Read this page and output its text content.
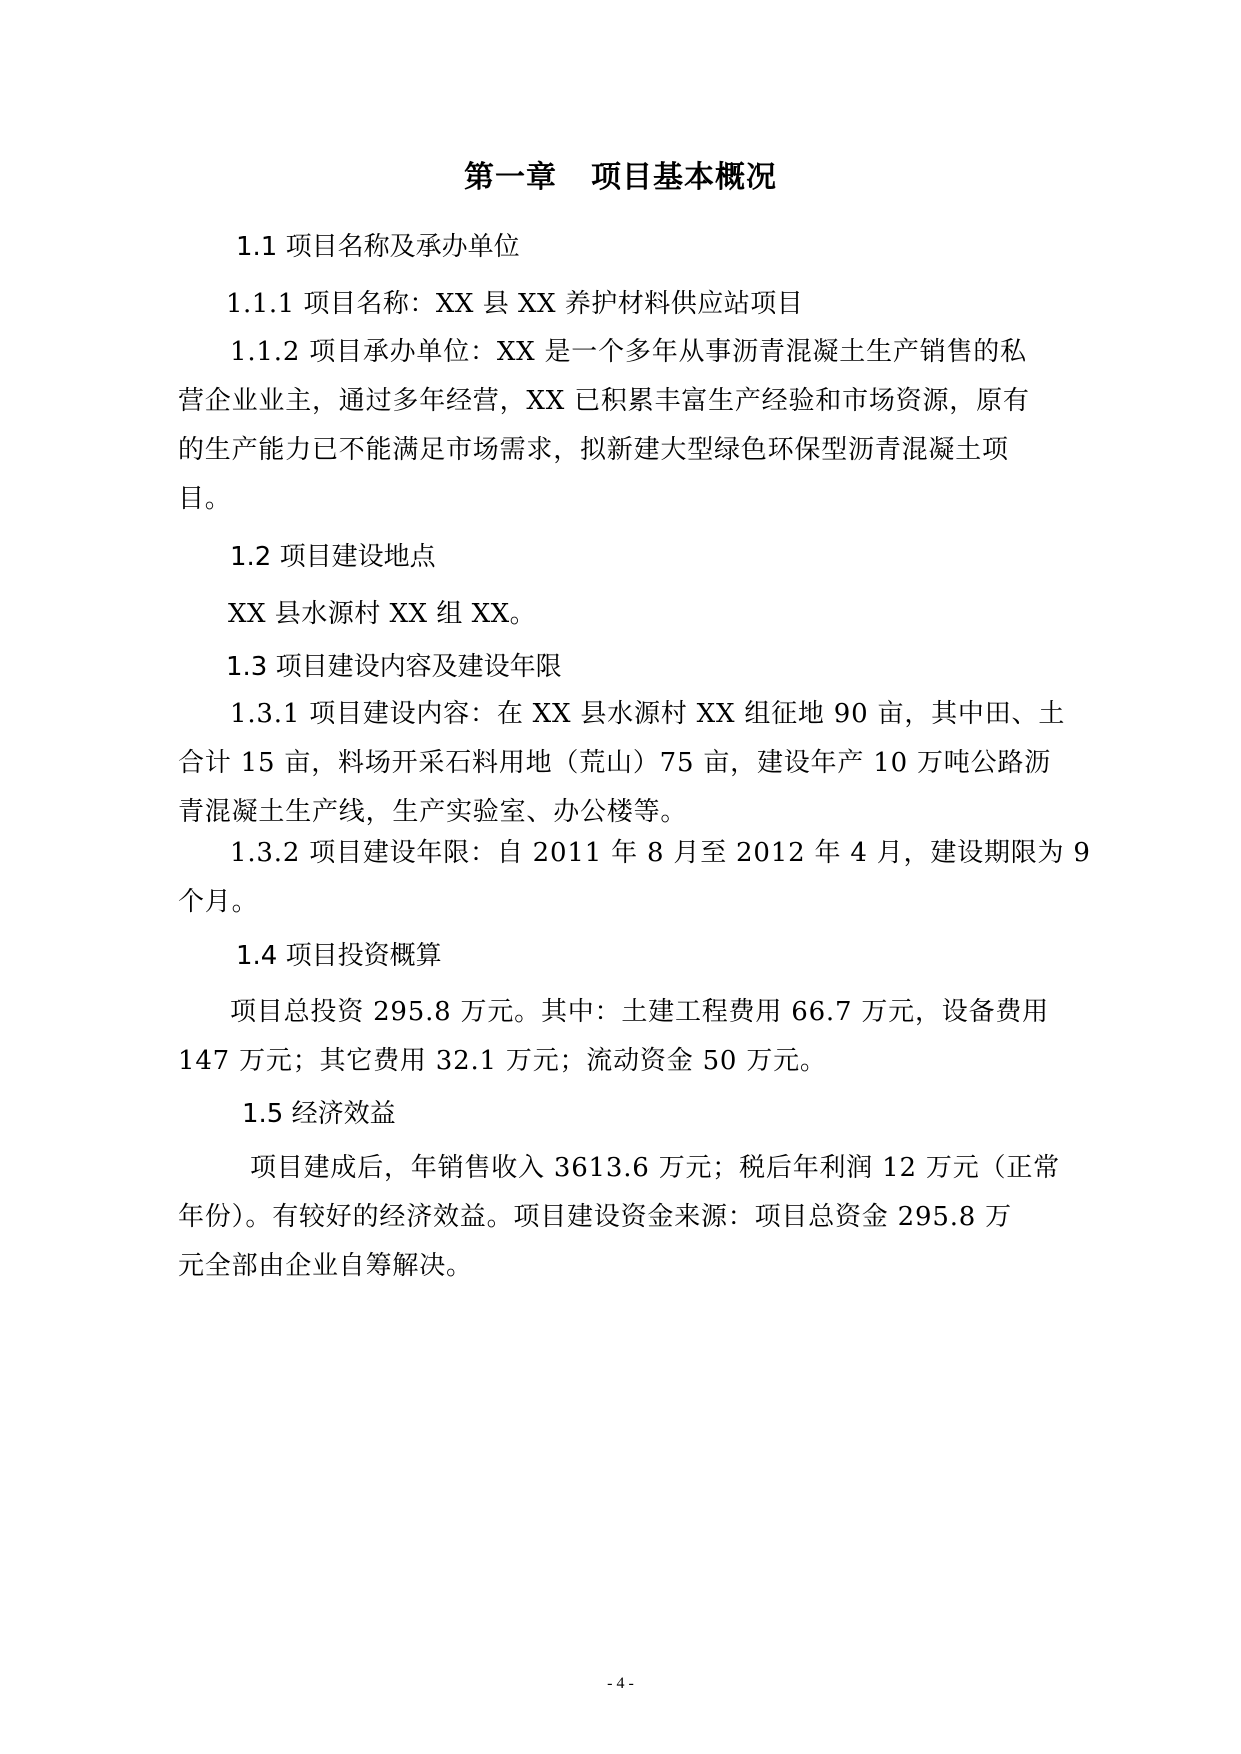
第一章 项目基本概况
1.1 项目名称及承办单位
1.1.1 项目名称：XX 县 XX 养护材料供应站项目
1.1.2 项目承办单位：XX 是一个多年从事沥青混凝土生产销售的私
营企业业主，通过多年经营，XX 已积累丰富生产经验和市场资源，原有
的生产能力已不能满足市场需求，拟新建大型绿色环保型沥青混凝土项
目。
1.2 项目建设地点
XX 县水源村 XX 组 XX。
1.3 项目建设内容及建设年限
1.3.1 项目建设内容：在 XX 县水源村 XX 组征地 90 亩，其中田、土
合计 15 亩，料场开采石料用地（荒山）75 亩，建设年产 10 万吨公路沥
青混凝土生产线，生产实验室、办公楼等。
1.3.2 项目建设年限：自 2011 年 8 月至 2012 年 4 月，建设期限为 9
个月。
1.4 项目投资概算
项目总投资 295.8 万元。其中：土建工程费用 66.7 万元，设备费用
147 万元；其它费用 32.1 万元；流动资金 50 万元。
1.5 经济效益
项目建成后，年销售收入 3613.6 万元；税后年利润 12 万元（正常
年份）。有较好的经济效益。项目建设资金来源：项目总资金 295.8 万
元全部由企业自筹解决。
- 4 -
